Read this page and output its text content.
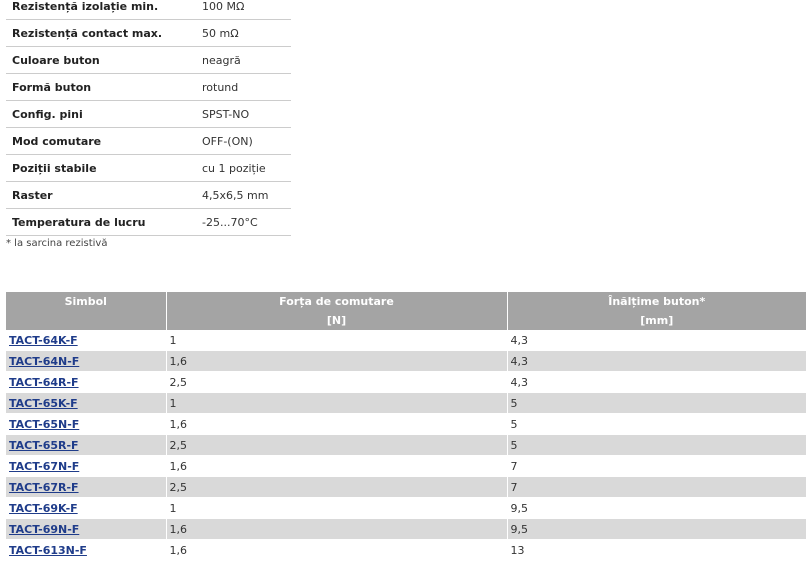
Rezistență izolație min.	100 MΩ
Rezistență contact max.	50 mΩ
Culoare buton	neagră
Formă buton	rotund
Config. pini	SPST-NO
Mod comutare	OFF-(ON)
Poziții stabile	cu 1 poziție
Raster	4,5x6,5 mm
Temperatura de lucru	-25...70°C
* la sarcina rezistivă
Simbol	Forța de comutare	Înălțime buton*
	[N]	[mm]
TACT-64K-F	1	4,3
TACT-64N-F	1,6	4,3
TACT-64R-F	2,5	4,3
TACT-65K-F	1	5
TACT-65N-F	1,6	5
TACT-65R-F	2,5	5
TACT-67N-F	1,6	7
TACT-67R-F	2,5	7
TACT-69K-F	1	9,5
TACT-69N-F	1,6	9,5
TACT-613N-F	1,6	13
